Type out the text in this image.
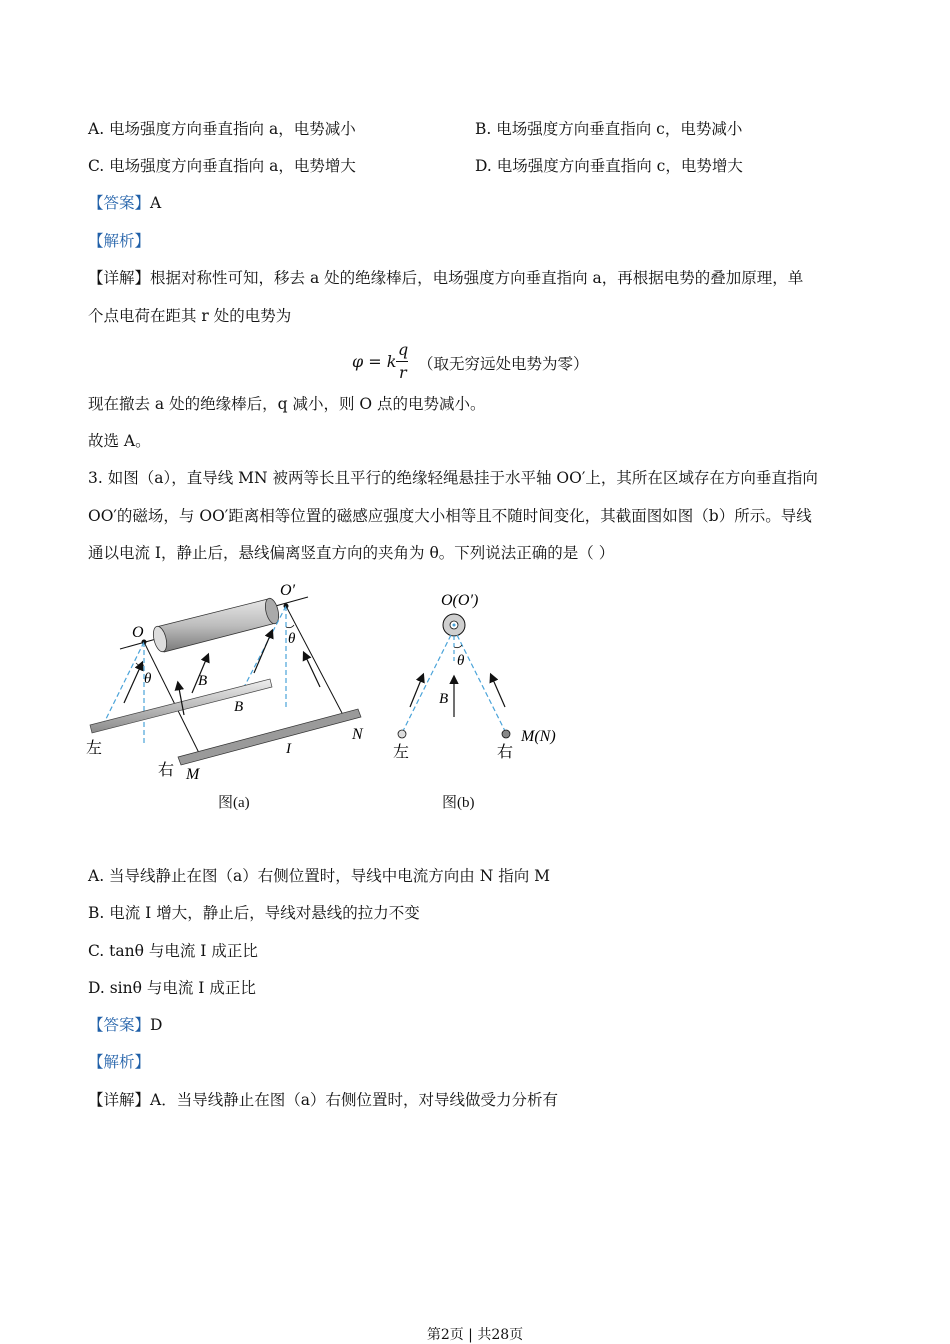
A. 电场强度方向垂直指向 a，电势减小	B. 电场强度方向垂直指向 c，电势减小
C. 电场强度方向垂直指向 a，电势增大	D. 电场强度方向垂直指向 c，电势增大
【答案】A
【解析】
【详解】根据对称性可知，移去 a 处的绝缘棒后，电场强度方向垂直指向 a，再根据电势的叠加原理，单
个点电荷在距其 r 处的电势为
φ = k
q
r （取无穷远处电势为零）
现在撤去 a 处的绝缘棒后，q 减小，则 O 点的电势减小。
故选 A。
3. 如图（a），直导线 MN 被两等长且平行的绝缘轻绳悬挂于水平轴 OO′上，其所在区域存在方向垂直指向
OO′的磁场，与 OO′距离相等位置的磁感应强度大小相等且不随时间变化，其截面图如图（b）所示。导线
通以电流 I，静止后，悬线偏离竖直方向的夹角为 θ。下列说法正确的是（ ）
O
O′
θ
θ
B
B
I
N
M
左
右
图(a)
O(O′)
θ
B
左	右
M(N)
图(b)
A. 当导线静止在图（a）右侧位置时，导线中电流方向由 N 指向 M
B. 电流 I 增大，静止后，导线对悬线的拉力不变
C. tanθ 与电流 I 成正比
D. sinθ 与电流 I 成正比
【答案】D
【解析】
【详解】A．当导线静止在图（a）右侧位置时，对导线做受力分析有
第2页 | 共28页
